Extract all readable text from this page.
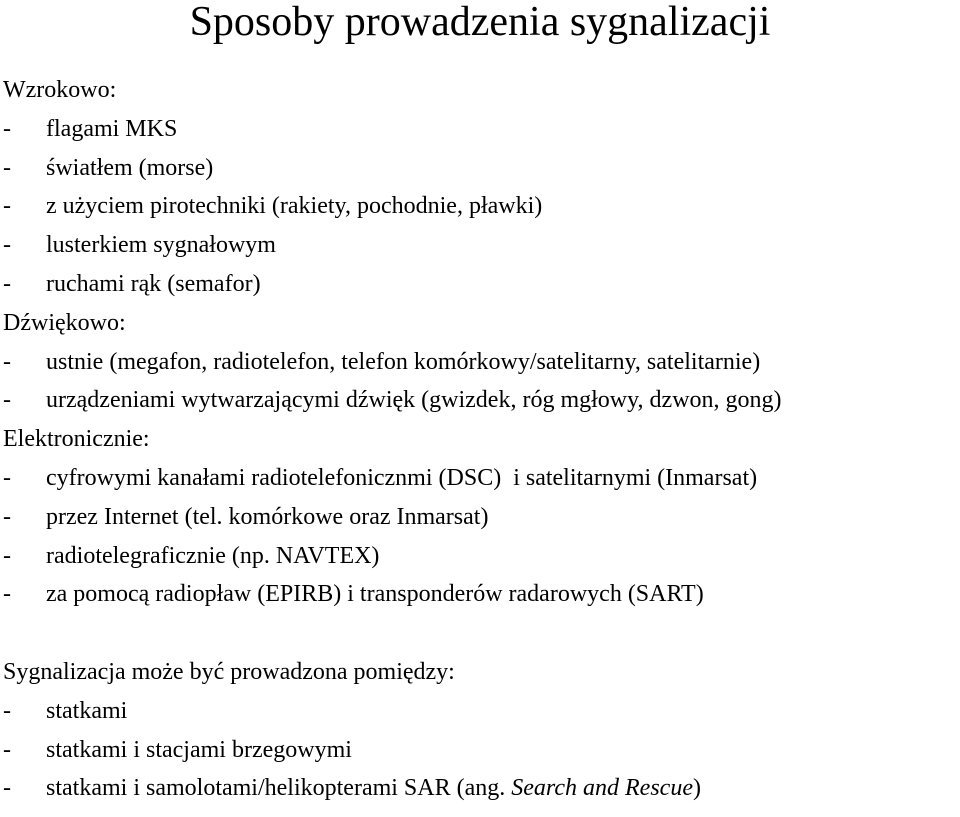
Sposoby prowadzenia sygnalizacji
Wzrokowo:
-	flagami MKS
-	światłem (morse)
-	z użyciem pirotechniki (rakiety, pochodnie, pławki)
-	lusterkiem sygnałowym
-	ruchami rąk (semafor)
Dźwiękowo:
-	ustnie (megafon, radiotelefon, telefon komórkowy/satelitarny, satelitarnie)
-	urządzeniami wytwarzającymi dźwięk (gwizdek, róg mgłowy, dzwon, gong)
Elektronicznie:
-	cyfrowymi kanałami radiotelefonicznmi (DSC)  i satelitarnymi (Inmarsat)
-	przez Internet (tel. komórkowe oraz Inmarsat)
-	radiotelegraficznie (np. NAVTEX)
-	za pomocą radiopław (EPIRB) i transponderów radarowych (SART)
Sygnalizacja może być prowadzona pomiędzy:
-	statkami
-	statkami i stacjami brzegowymi
-	statkami i samolotami/helikopterami SAR (ang. Search and Rescue)
